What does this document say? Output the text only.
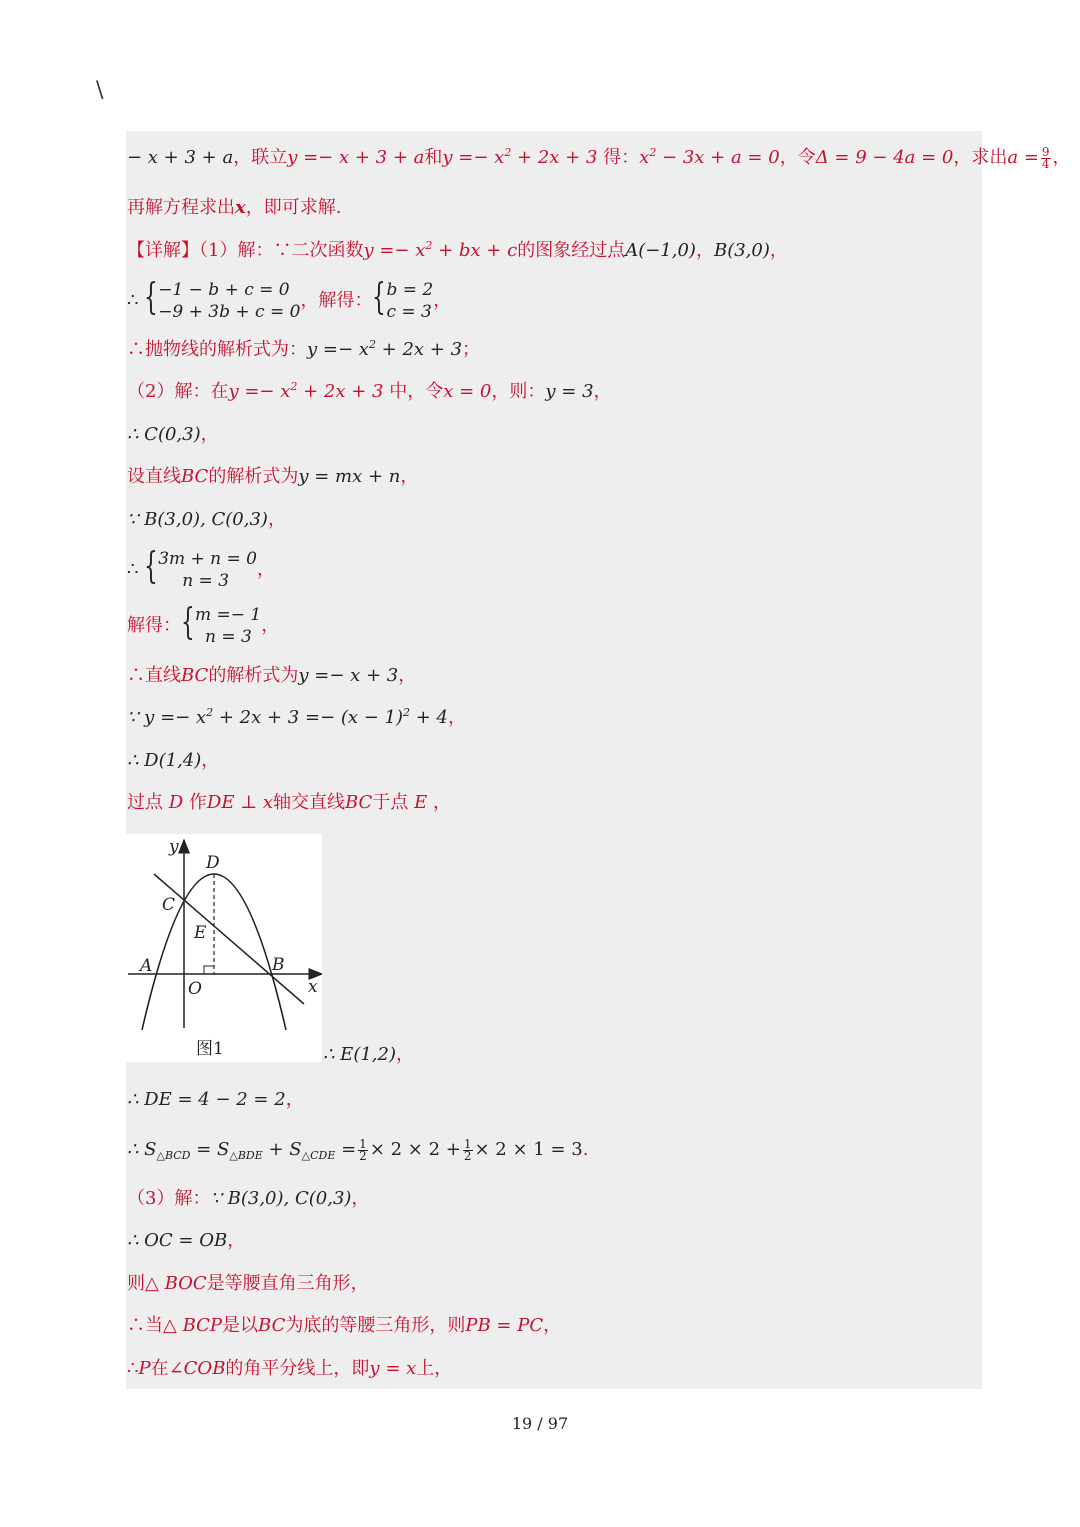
\
− x + 3 + a，联立y =− x + 3 + a和$y =- x^2 + 2x + 3$ 得：$x^2 - 3x + a = 0$，令Δ = 9 − 4a = 0，求出$a = \frac{9}{4}$ ，
再解方程求出x，即可求解.
【详解】（1）解：∵二次函数$y =- x^2$ + bx + c的图象经过点A(−1,0)，B(3,0)，
∴ { −1 − b + c = 0
−9 + 3b + c = 0
，解得： { b = 2
c = 3
，
∴抛物线的解析式为：$y =- x^2 + 2x + 3$；
（2）解：在$y =- x^2 + 2x + 3$ 中，令x = 0，则：y = 3，
∴ C(0,3)，
设直线BC的解析式为y = mx + n，
∵ B(3,0), C(0,3)，
∴ { 3m + n = 0
n = 3
，
解得： { m =− 1
n = 3
，
∴直线BC的解析式为y =− x + 3，
∵ $y =- x^2 + 2x + 3 =- (x - 1)^2 + 4$，
∴ D(1,4)，
过点 D 作DE ⊥ x轴交直线BC于点 E ，
y
D
C
E
A	B
O	x
图1	∴ E(1,2)，
∴ DE = 4 − 2 = 2，
∴ $S_{\triangle BCD} = S_{\triangle BDE} + S_{\triangle CDE} = \frac{1}{2} \times 2 \times 2 + \frac{1}{2} \times 2 \times 1 = 3$.
（3）解：∵ B(3,0), C(0,3)，
∴ OC = OB，
则△ BOC是等腰直角三角形，
∴当△ BCP是以BC为底的等腰三角形，则PB = PC，
∴P在∠COB的角平分线上，即y = x上，
19 / 97
